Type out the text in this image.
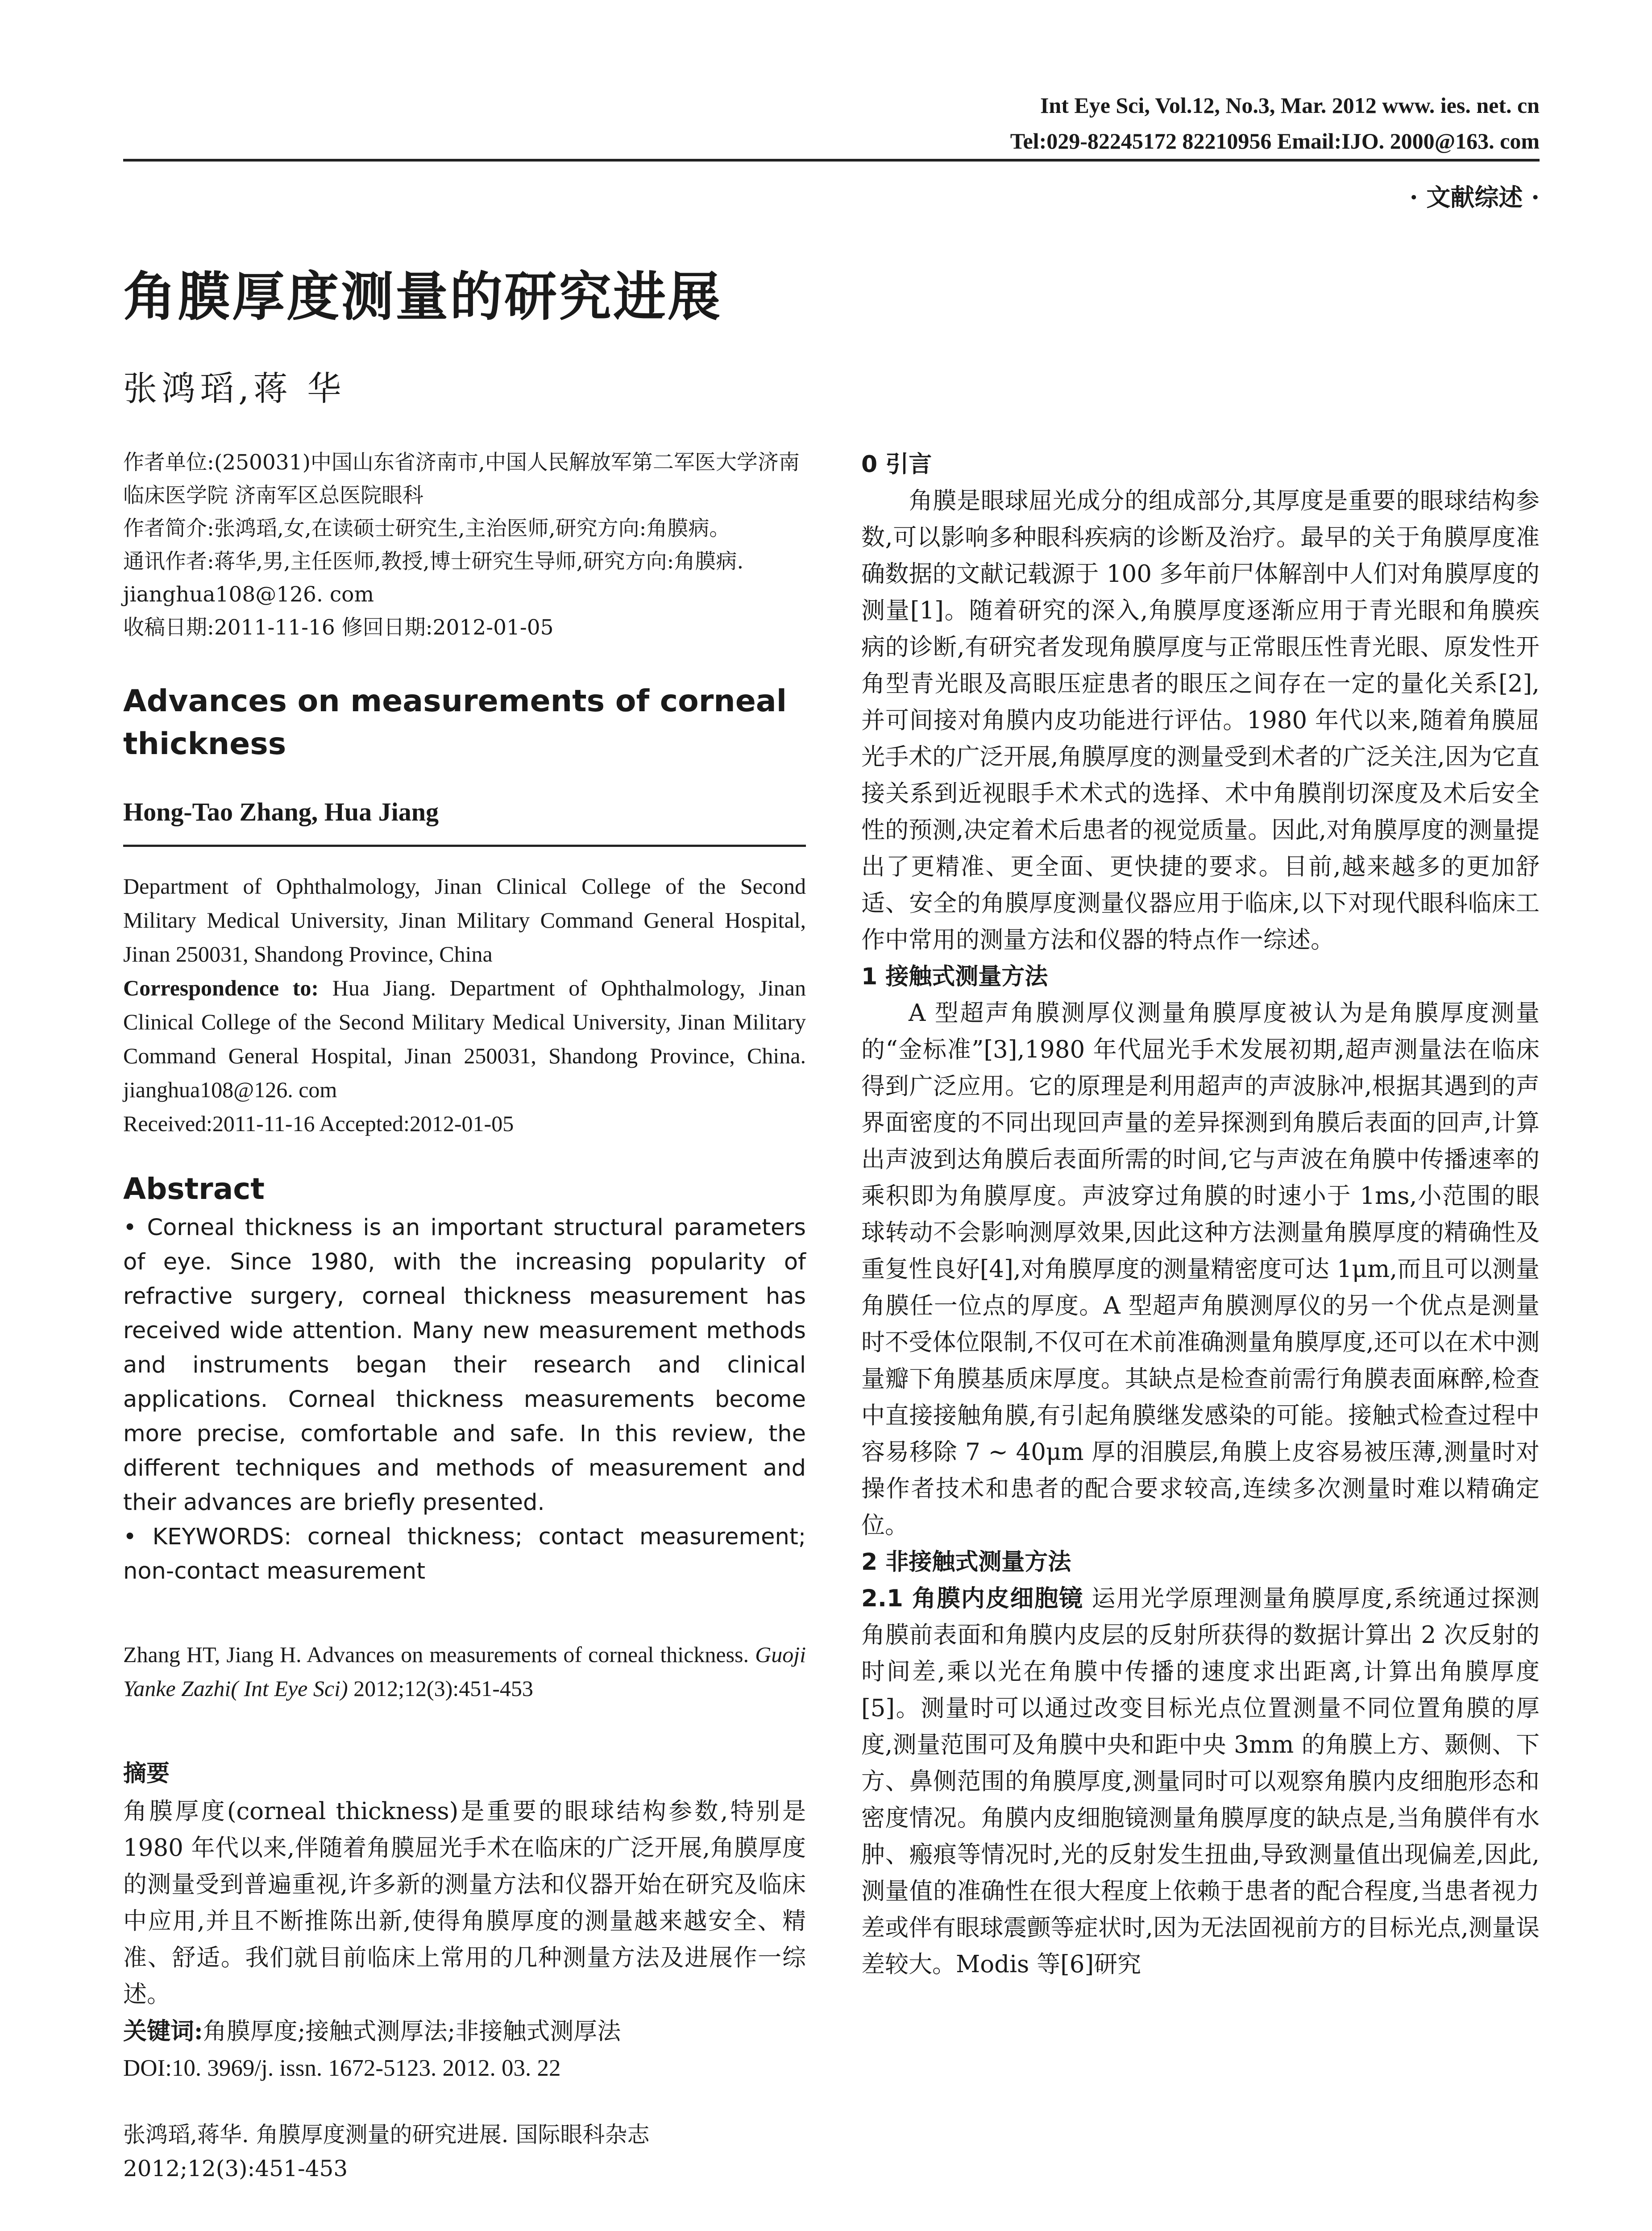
Int Eye Sci, Vol.12, No.3, Mar. 2012 www. ies. net. cn
Tel:029-82245172 82210956 Email:IJO. 2000@163. com
· 文献综述 ·
角膜厚度测量的研究进展
张鸿瑫,蒋 华

作者单位:(250031)中国山东省济南市,中国人民解放军第二军医大学济南临床医学院 济南军区总医院眼科

作者简介:张鸿瑫,女,在读硕士研究生,主治医师,研究方向:角膜病。

通讯作者:蒋华,男,主任医师,教授,博士研究生导师,研究方向:角膜病. jianghua108@126. com

收稿日期:2011-11-16 修回日期:2012-01-05

Advances on measurements of corneal thickness
Hong-Tao Zhang, Hua Jiang

Department of Ophthalmology, Jinan Clinical College of the Second Military Medical University, Jinan Military Command General Hospital, Jinan 250031, Shandong Province, China

Correspondence to: Hua Jiang. Department of Ophthalmology, Jinan Clinical College of the Second Military Medical University, Jinan Military Command General Hospital, Jinan 250031, Shandong Province, China. jianghua108@126. com

Received:2011-11-16 Accepted:2012-01-05

Abstract

• Corneal thickness is an important structural parameters of eye. Since 1980, with the increasing popularity of refractive surgery, corneal thickness measurement has received wide attention. Many new measurement methods and instruments began their research and clinical applications. Corneal thickness measurements become more precise, comfortable and safe. In this review, the different techniques and methods of measurement and their advances are briefly presented.

• KEYWORDS: corneal thickness; contact measurement; non-contact measurement

Zhang HT, Jiang H. Advances on measurements of corneal thickness. Guoji Yanke Zazhi( Int Eye Sci) 2012;12(3):451-453
摘要
角膜厚度(corneal thickness)是重要的眼球结构参数,特别是 1980 年代以来,伴随着角膜屈光手术在临床的广泛开展,角膜厚度的测量受到普遍重视,许多新的测量方法和仪器开始在研究及临床中应用,并且不断推陈出新,使得角膜厚度的测量越来越安全、精准、舒适。我们就目前临床上常用的几种测量方法及进展作一综述。
关键词:角膜厚度;接触式测厚法;非接触式测厚法
DOI:10. 3969/j. issn. 1672-5123. 2012. 03. 22
张鸿瑫,蒋华. 角膜厚度测量的研究进展. 国际眼科杂志 2012;12(3):451-453
0 引言

角膜是眼球屈光成分的组成部分,其厚度是重要的眼球结构参数,可以影响多种眼科疾病的诊断及治疗。最早的关于角膜厚度准确数据的文献记载源于 100 多年前尸体解剖中人们对角膜厚度的测量[1]。随着研究的深入,角膜厚度逐渐应用于青光眼和角膜疾病的诊断,有研究者发现角膜厚度与正常眼压性青光眼、原发性开角型青光眼及高眼压症患者的眼压之间存在一定的量化关系[2],并可间接对角膜内皮功能进行评估。1980 年代以来,随着角膜屈光手术的广泛开展,角膜厚度的测量受到术者的广泛关注,因为它直接关系到近视眼手术术式的选择、术中角膜削切深度及术后安全性的预测,决定着术后患者的视觉质量。因此,对角膜厚度的测量提出了更精准、更全面、更快捷的要求。目前,越来越多的更加舒适、安全的角膜厚度测量仪器应用于临床,以下对现代眼科临床工作中常用的测量方法和仪器的特点作一综述。

1 接触式测量方法

A 型超声角膜测厚仪测量角膜厚度被认为是角膜厚度测量的“金标准”[3],1980 年代屈光手术发展初期,超声测量法在临床得到广泛应用。它的原理是利用超声的声波脉冲,根据其遇到的声界面密度的不同出现回声量的差异探测到角膜后表面的回声,计算出声波到达角膜后表面所需的时间,它与声波在角膜中传播速率的乘积即为角膜厚度。声波穿过角膜的时速小于 1ms,小范围的眼球转动不会影响测厚效果,因此这种方法测量角膜厚度的精确性及重复性良好[4],对角膜厚度的测量精密度可达 1μm,而且可以测量角膜任一位点的厚度。A 型超声角膜测厚仪的另一个优点是测量时不受体位限制,不仅可在术前准确测量角膜厚度,还可以在术中测量瓣下角膜基质床厚度。其缺点是检查前需行角膜表面麻醉,检查中直接接触角膜,有引起角膜继发感染的可能。接触式检查过程中容易移除 7 ~ 40μm 厚的泪膜层,角膜上皮容易被压薄,测量时对操作者技术和患者的配合要求较高,连续多次测量时难以精确定位。

2 非接触式测量方法

2.1 角膜内皮细胞镜 运用光学原理测量角膜厚度,系统通过探测角膜前表面和角膜内皮层的反射所获得的数据计算出 2 次反射的时间差,乘以光在角膜中传播的速度求出距离,计算出角膜厚度[5]。测量时可以通过改变目标光点位置测量不同位置角膜的厚度,测量范围可及角膜中央和距中央 3mm 的角膜上方、颞侧、下方、鼻侧范围的角膜厚度,测量同时可以观察角膜内皮细胞形态和密度情况。角膜内皮细胞镜测量角膜厚度的缺点是,当角膜伴有水肿、瘢痕等情况时,光的反射发生扭曲,导致测量值出现偏差,因此,测量值的准确性在很大程度上依赖于患者的配合程度,当患者视力差或伴有眼球震颤等症状时,因为无法固视前方的目标光点,测量误差较大。Modis 等[6]研究
